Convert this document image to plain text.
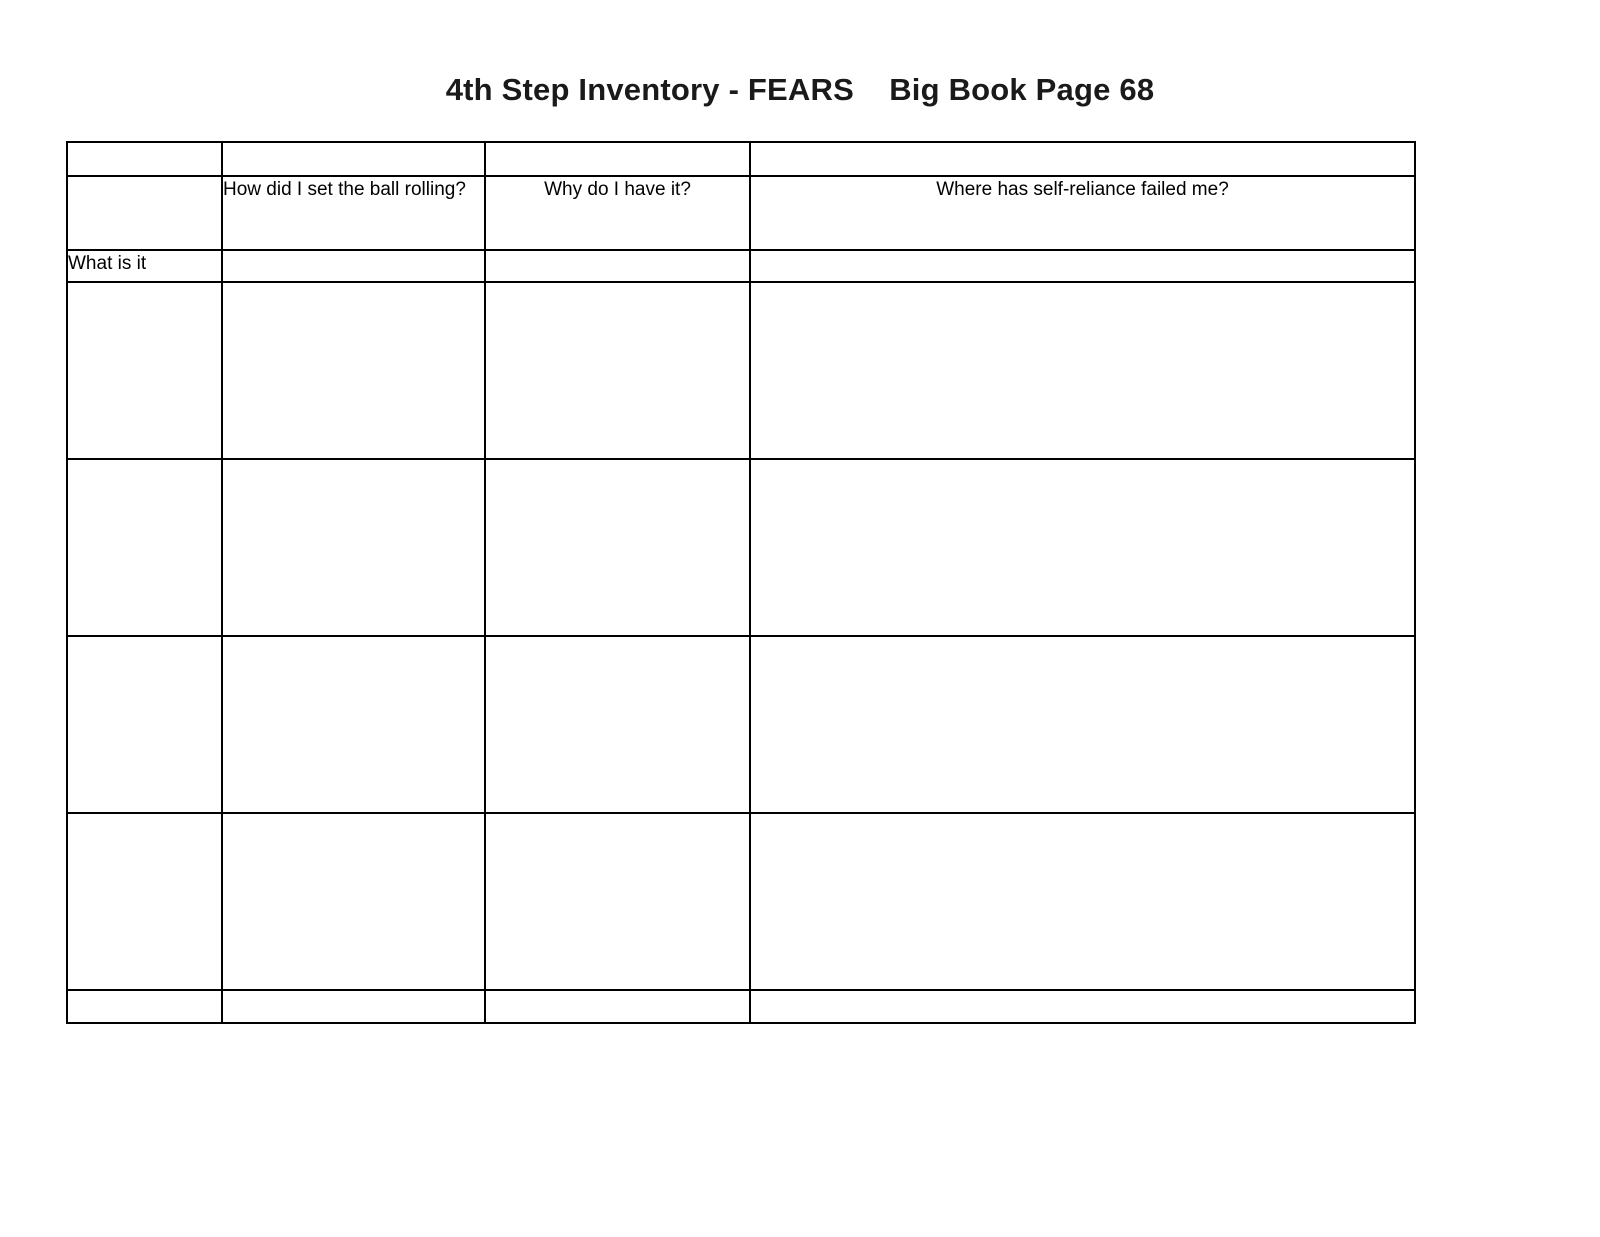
4th Step Inventory - FEARS    Big Book Page 68

	How did I set the ball rolling?	Why do I have it?	Where has self-reliance failed me?
What is it			
